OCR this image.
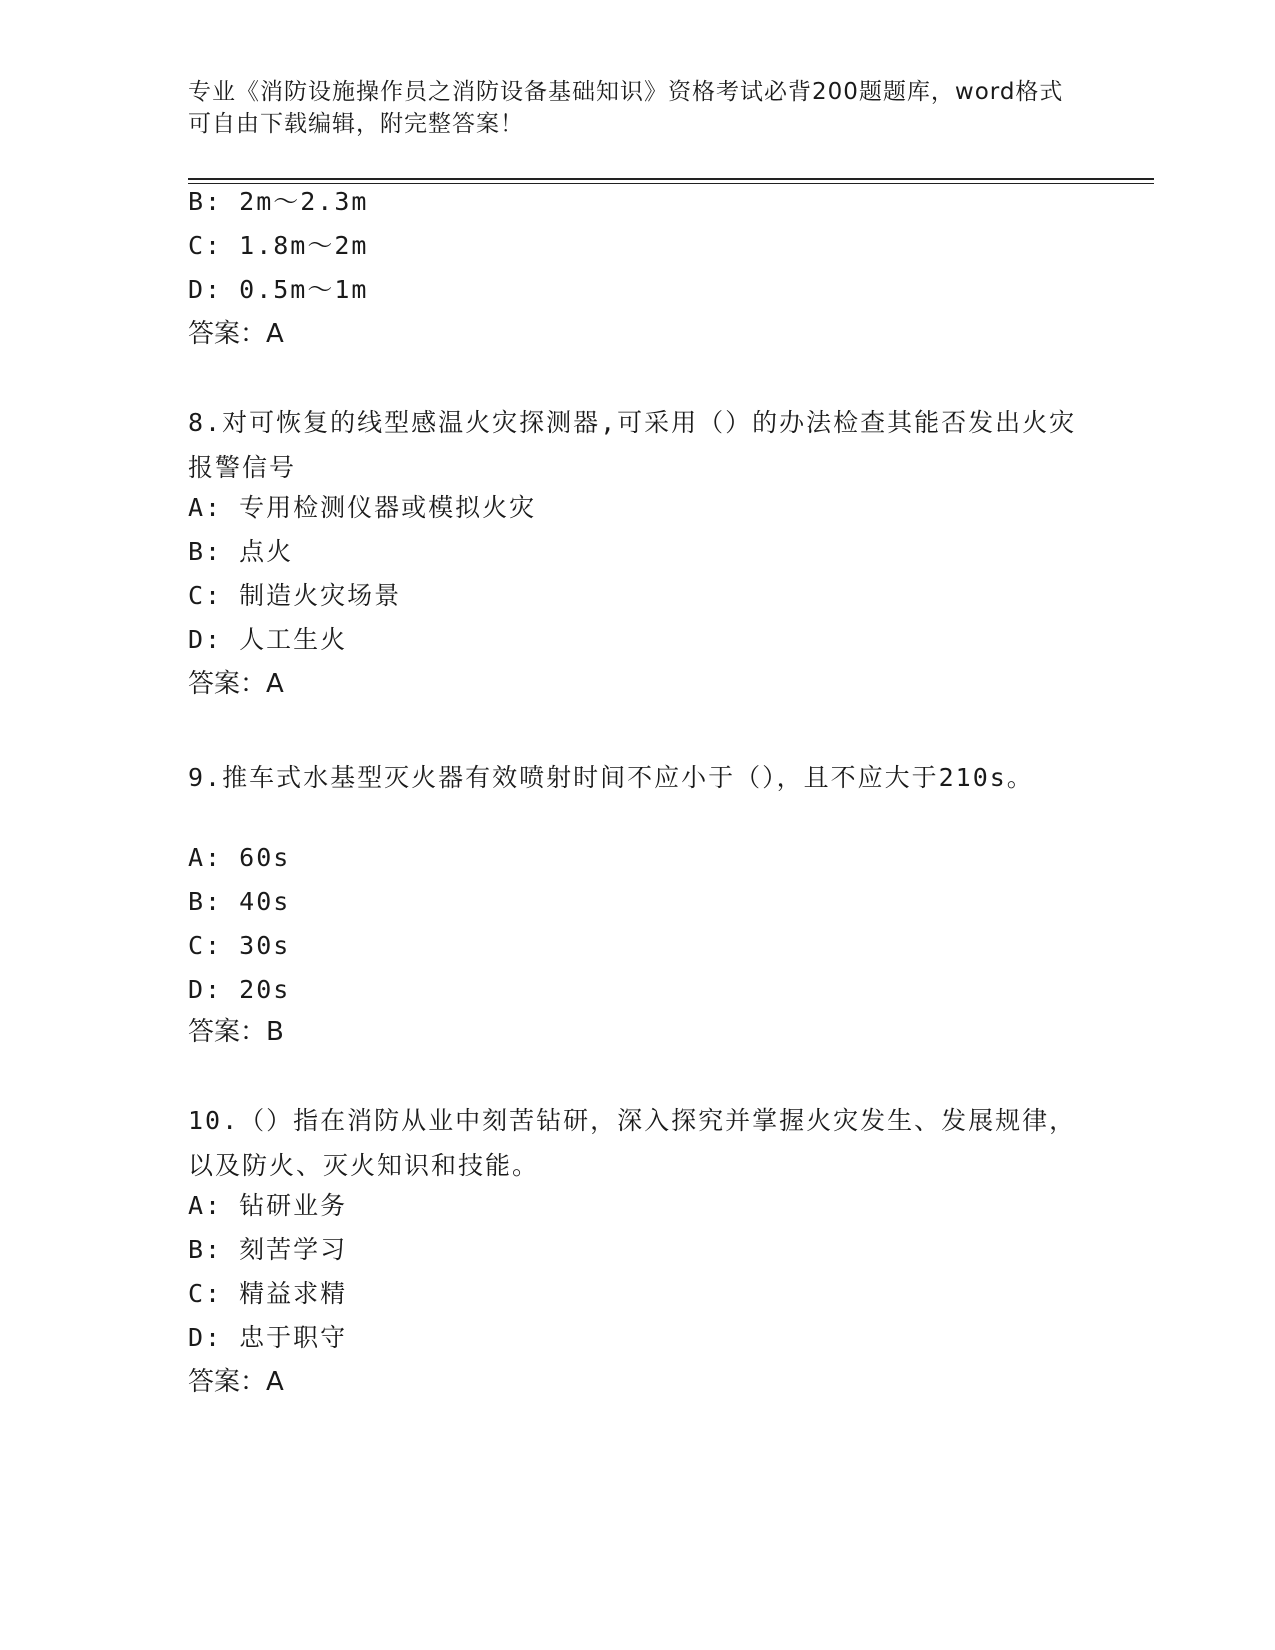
专业《消防设施操作员之消防设备基础知识》资格考试必背200题题库，word格式可自由下载编辑，附完整答案！
B: 2m～2.3m
C: 1.8m～2m
D: 0.5m～1m
答案：A
8.对可恢复的线型感温火灾探测器,可采用（）的办法检查其能否发出火灾报警信号
A: 专用检测仪器或模拟火灾
B: 点火
C: 制造火灾场景
D: 人工生火
答案：A
9.推车式水基型灭火器有效喷射时间不应小于（），且不应大于210s。
A: 60s
B: 40s
C: 30s
D: 20s
答案：B
10.（）指在消防从业中刻苦钻研，深入探究并掌握火灾发生、发展规律，以及防火、灭火知识和技能。
A: 钻研业务
B: 刻苦学习
C: 精益求精
D: 忠于职守
答案：A
